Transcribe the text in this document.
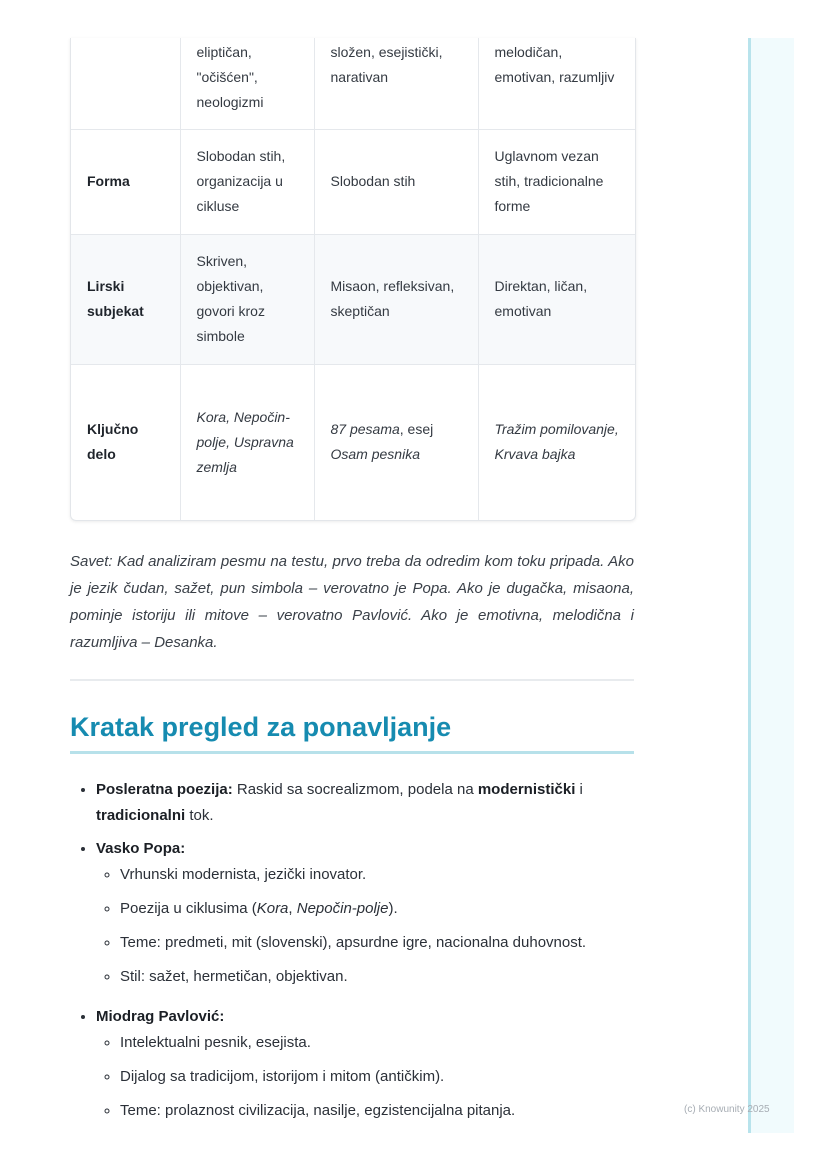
	eliptičan, "očišćen", neologizmi	složen, esejistički, narativan	melodičan, emotivan, razumljiv
Forma	Slobodan stih, organizacija u cikluse	Slobodan stih	Uglavnom vezan stih, tradicionalne forme
Lirski subjekat	Skriven, objektivan, govori kroz simbole	Misaon, refleksivan, skeptičan	Direktan, ličan, emotivan
Ključno delo	Kora, Nepočin-polje, Uspravna zemlja	87 pesama, esej Osam pesnika	Tražim pomilovanje, Krvava bajka

Savet: Kad analiziram pesmu na testu, prvo treba da odredim kom toku pripada. Ako je jezik čudan, sažet, pun simbola – verovatno je Popa. Ako je dugačka, misaona, pominje istoriju ili mitove – verovatno Pavlović. Ako je emotivna, melodična i razumljiva – Desanka.

Kratak pregled za ponavljanje
• Posleratna poezija: Raskid sa socrealizmom, podela na modernistički i tradicionalni tok.
• Vasko Popa:
◦ Vrhunski modernista, jezički inovator.
◦ Poezija u ciklusima (Kora, Nepočin-polje).
◦ Teme: predmeti, mit (slovenski), apsurdne igre, nacionalna duhovnost.
◦ Stil: sažet, hermetičan, objektivan.
• Miodrag Pavlović:
◦ Intelektualni pesnik, esejista.
◦ Dijalog sa tradicijom, istorijom i mitom (antičkim).
◦ Teme: prolaznost civilizacija, nasilje, egzistencijalna pitanja.	(c) Knowunity 2025
